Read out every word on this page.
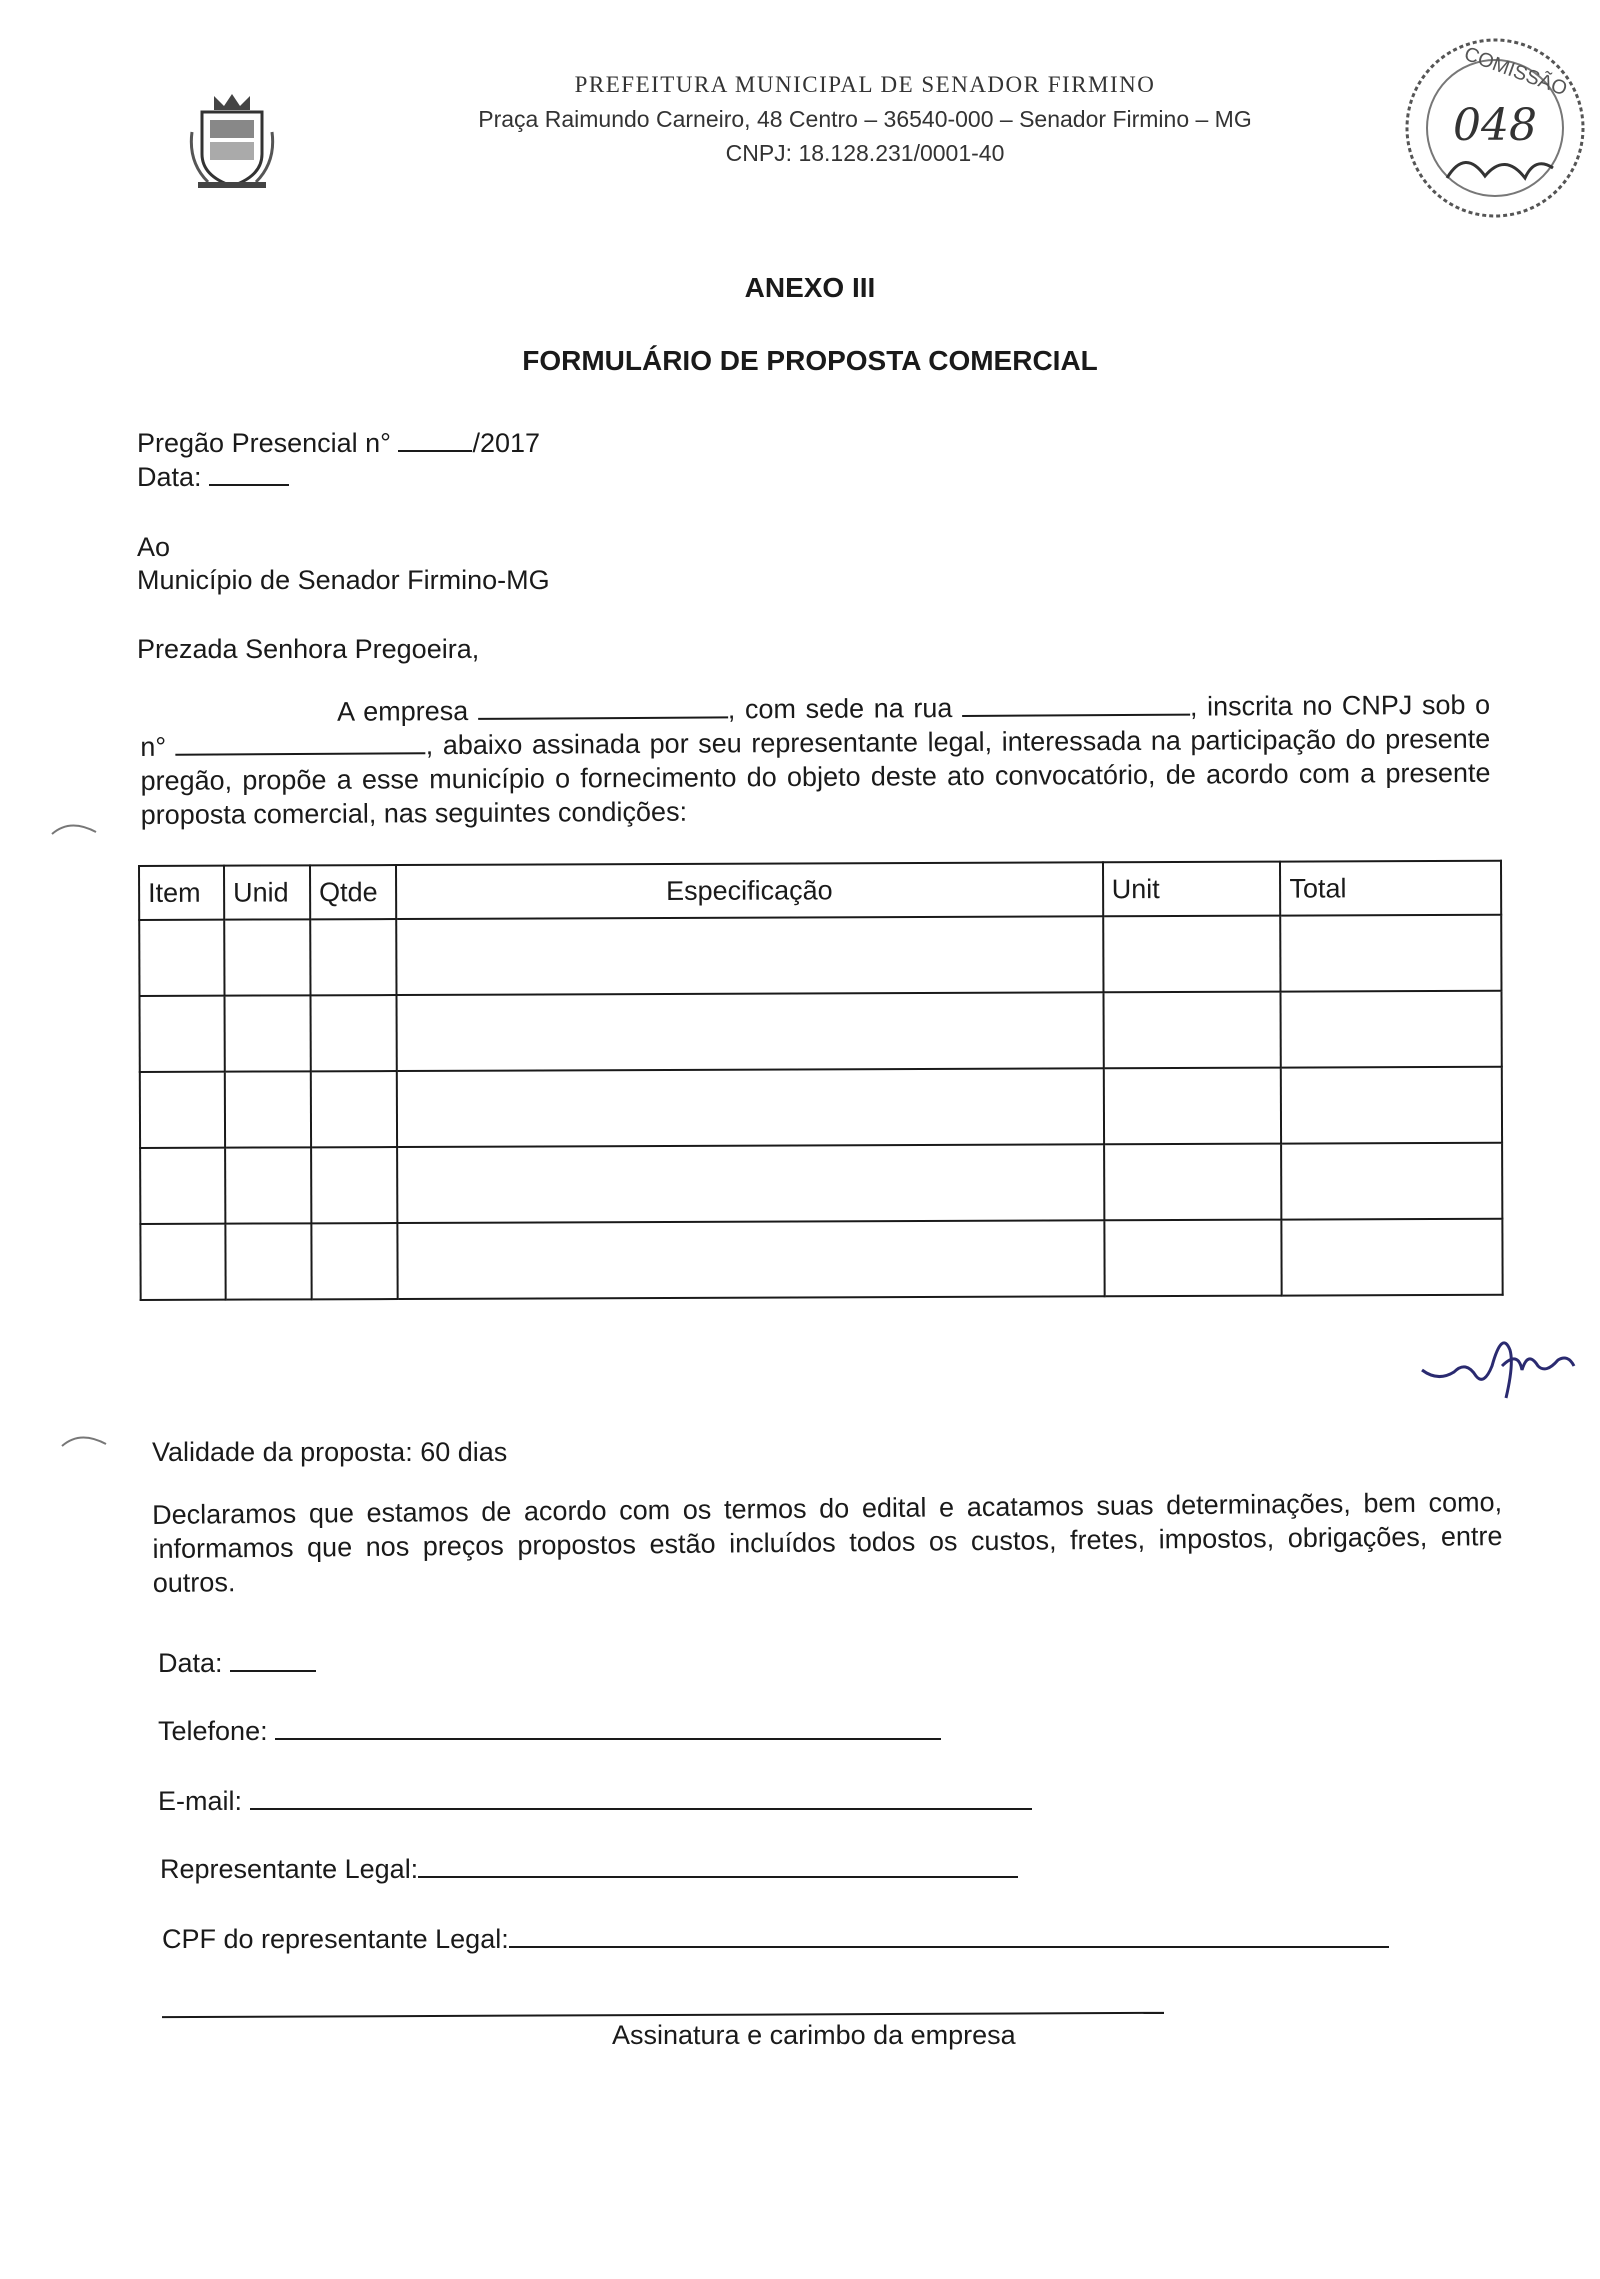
PREFEITURA MUNICIPAL DE SENADOR FIRMINO
Praça Raimundo Carneiro, 48 Centro – 36540-000 – Senador Firmino – MG
CNPJ: 18.128.231/0001-40
COMISSÃO
048
ANEXO III
FORMULÁRIO DE PROPOSTA COMERCIAL
Pregão Presencial n°	/2017
Data:
Ao
Município de Senador Firmino-MG
Prezada Senhora Pregoeira,
A empresa	, com sede na rua	, inscrita no CNPJ sob o n°	, abaixo assinada por seu representante legal, interessada na participação do presente pregão, propõe a esse município o fornecimento do objeto deste ato convocatório, de acordo com a presente proposta comercial, nas seguintes condições:
Item	Unid	Qtde	Especificação	Unit	Total

Validade da proposta: 60 dias
Declaramos que estamos de acordo com os termos do edital e acatamos suas determinações, bem como, informamos que nos preços propostos estão incluídos todos os custos, fretes, impostos, obrigações, entre outros.
Data:
Telefone:
E-mail:
Representante Legal:
CPF do representante Legal:
Assinatura e carimbo da empresa
